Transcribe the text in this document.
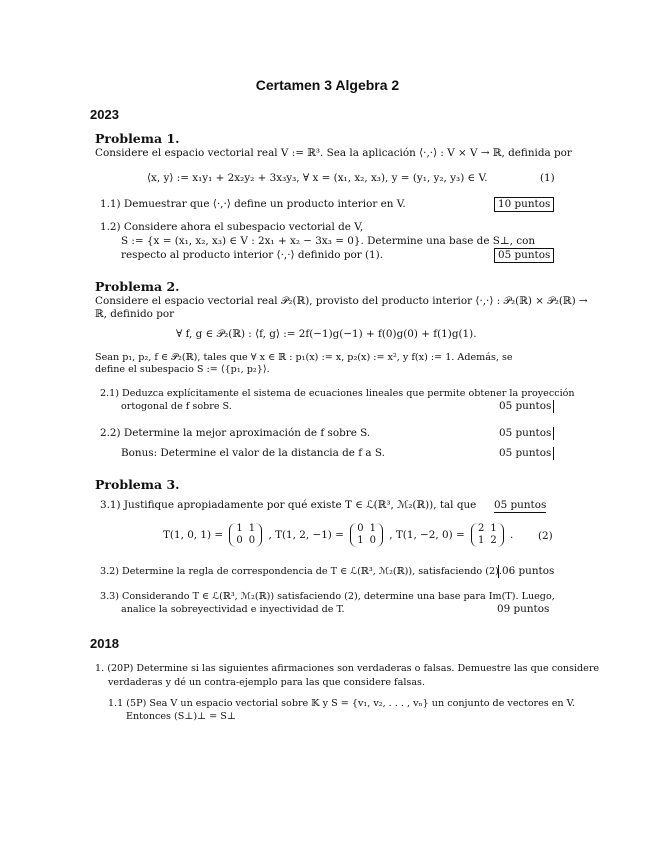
Certamen 3 Algebra 2
2023
Problema 1.
Considere el espacio vectorial real V := ℝ³. Sea la aplicación ⟨·,·⟩ : V × V → ℝ, definida por
⟨x, y⟩ := x₁y₁ + 2x₂y₂ + 3x₃y₃, ∀ x = (x₁, x₂, x₃), y = (y₁, y₂, y₃) ∈ V.	(1)
1.1) Demuestrar que ⟨·,·⟩ define un producto interior en V.	10 puntos
1.2) Considere ahora el subespacio vectorial de V,
S := {x = (x₁, x₂, x₃) ∈ V : 2x₁ + x₂ − 3x₃ = 0}. Determine una base de S⊥, con
respecto al producto interior ⟨·,·⟩ definido por (1).	05 puntos
Problema 2.
Considere el espacio vectorial real 𝒫₂(ℝ), provisto del producto interior ⟨·,·⟩ : 𝒫₂(ℝ) × 𝒫₂(ℝ) →
ℝ, definido por
∀ f, g ∈ 𝒫₂(ℝ) : ⟨f, g⟩ := 2f(−1)g(−1) + f(0)g(0) + f(1)g(1).
Sean p₁, p₂, f ∈ 𝒫₂(ℝ), tales que ∀ x ∈ ℝ : p₁(x) := x, p₂(x) := x², y f(x) := 1. Además, se
define el subespacio S := ⟨{p₁, p₂}⟩.
2.1) Deduzca explícitamente el sistema de ecuaciones lineales que permite obtener la proyección
ortogonal de f sobre S.	05 puntos
2.2) Determine la mejor aproximación de f sobre S.	05 puntos
Bonus: Determine el valor de la distancia de f a S.	05 puntos
Problema 3.
3.1) Justifique apropiadamente por qué existe T ∈ ℒ(ℝ³, ℳ₂(ℝ)), tal que 05 puntos
T(1, 0, 1) =
1	1
0	0 , T(1, 2, −1) =
0	1
1	0 , T(1, −2, 0) =
2	1
1	2 . (2)
3.2) Determine la regla de correspondencia de T ∈ ℒ(ℝ³, ℳ₂(ℝ)), satisfaciendo (2). 06 puntos
3.3) Considerando T ∈ ℒ(ℝ³, ℳ₂(ℝ)) satisfaciendo (2), determine una base para Im(T). Luego,
analice la sobreyectividad e inyectividad de T.	09 puntos
2018
1. (20P) Determine si las siguientes afirmaciones son verdaderas o falsas. Demuestre las que considere
verdaderas y dé un contra-ejemplo para las que considere falsas.
1.1 (5P) Sea V un espacio vectorial sobre 𝕂 y S = {v₁, v₂, . . . , vₙ} un conjunto de vectores en V.
Entonces (S⊥)⊥ = S⊥
